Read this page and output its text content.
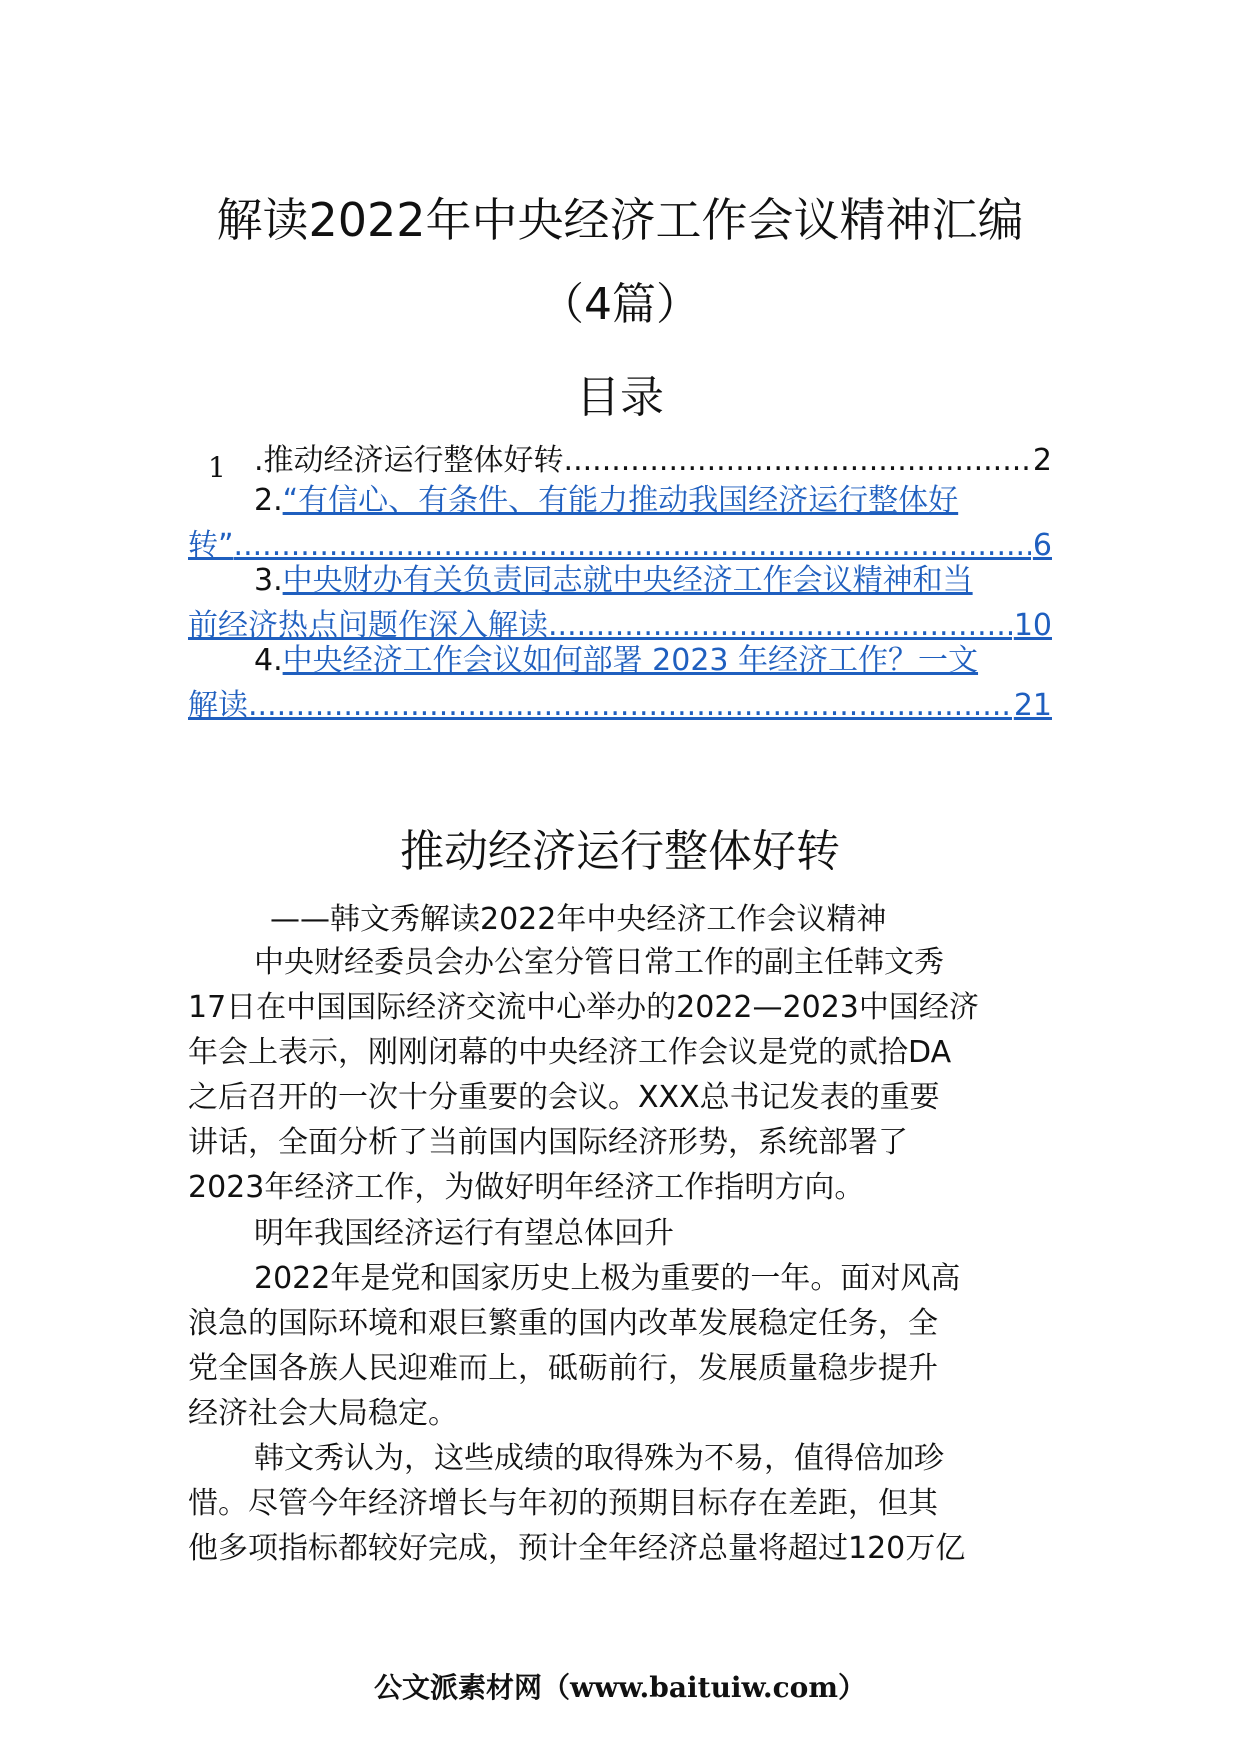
解读2022年中央经济工作会议精神汇编
（4篇）
目录
1 .推动经济运行整体好转 .....	2
2. “有信心、有条件、有能力推动我国经济运行整体好
转” .....	6
3. 中央财办有关负责同志就中央经济工作会议精神和当
前经济热点问题作深入解读 .....	10
4. 中央经济工作会议如何部署 2023 年经济工作？一文
解读 .....	21
推动经济运行整体好转
——韩文秀解读2022年中央经济工作会议精神
中央财经委员会办公室分管日常工作的副主任韩文秀
17日在中国国际经济交流中心举办的2022—2023中国经济
年会上表示，刚刚闭幕的中央经济工作会议是党的贰拾DA
之后召开的一次十分重要的会议。XXX总书记发表的重要
讲话，全面分析了当前国内国际经济形势，系统部署了
2023年经济工作，为做好明年经济工作指明方向。
明年我国经济运行有望总体回升
2022年是党和国家历史上极为重要的一年。面对风高
浪急的国际环境和艰巨繁重的国内改革发展稳定任务，全
党全国各族人民迎难而上，砥砺前行，发展质量稳步提升
经济社会大局稳定。
韩文秀认为，这些成绩的取得殊为不易，值得倍加珍
惜。尽管今年经济增长与年初的预期目标存在差距，但其
他多项指标都较好完成，预计全年经济总量将超过120万亿
公文派素材网（www.baituiw.com）
